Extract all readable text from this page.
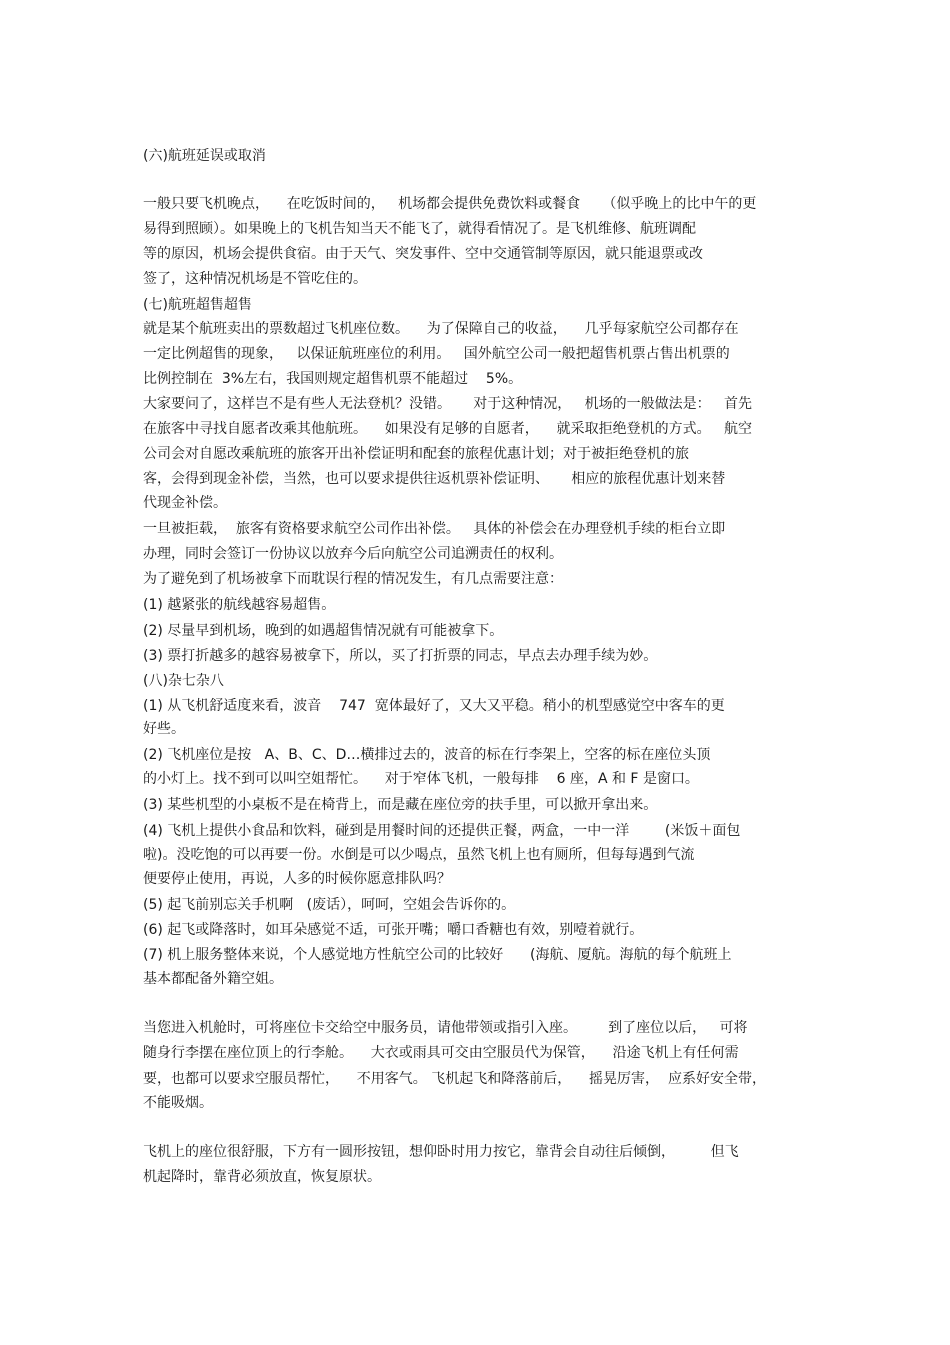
(六)航班延误或取消
一般只要飞机晚点，    在吃饭时间的，   机场都会提供免费饮料或餐食     （似乎晚上的比中午的更
易得到照顾）。如果晚上的飞机告知当天不能飞了，就得看情况了。是飞机维修、航班调配
等的原因，机场会提供食宿。由于天气、突发事件、空中交通管制等原因，就只能退票或改
签了，这种情况机场是不管吃住的。
(七)航班超售超售
就是某个航班卖出的票数超过飞机座位数。    为了保障自己的收益，    几乎每家航空公司都存在
一定比例超售的现象，   以保证航班座位的利用。   国外航空公司一般把超售机票占售出机票的
比例控制在  3%左右，我国则规定超售机票不能超过    5%。
大家要问了，这样岂不是有些人无法登机？没错。     对于这种情况，   机场的一般做法是：   首先
在旅客中寻找自愿者改乘其他航班。    如果没有足够的自愿者，    就采取拒绝登机的方式。   航空
公司会对自愿改乘航班的旅客开出补偿证明和配套的旅程优惠计划；对于被拒绝登机的旅
客，会得到现金补偿，当然，也可以要求提供往返机票补偿证明、     相应的旅程优惠计划来替
代现金补偿。
一旦被拒载，  旅客有资格要求航空公司作出补偿。   具体的补偿会在办理登机手续的柜台立即
办理，同时会签订一份协议以放弃今后向航空公司追溯责任的权利。
为了避免到了机场被拿下而耽误行程的情况发生，有几点需要注意：
(1) 越紧张的航线越容易超售。
(2) 尽量早到机场，晚到的如遇超售情况就有可能被拿下。
(3) 票打折越多的越容易被拿下，所以，买了打折票的同志，早点去办理手续为妙。
(八)杂七杂八
(1) 从飞机舒适度来看，波音    747  宽体最好了，又大又平稳。稍小的机型感觉空中客车的更
好些。
(2) 飞机座位是按   A、B、C、D…横排过去的，波音的标在行李架上，空客的标在座位头顶
的小灯上。找不到可以叫空姐帮忙。    对于窄体飞机，一般每排    6 座，A 和 F 是窗口。
(3) 某些机型的小桌板不是在椅背上，而是藏在座位旁的扶手里，可以掀开拿出来。
(4) 飞机上提供小食品和饮料，碰到是用餐时间的还提供正餐，两盒，一中一洋        (米饭＋面包
啦)。没吃饱的可以再要一份。水倒是可以少喝点，虽然飞机上也有厕所，但每每遇到气流
便要停止使用，再说，人多的时候你愿意排队吗？
(5) 起飞前别忘关手机啊   (废话），呵呵，空姐会告诉你的。
(6) 起飞或降落时，如耳朵感觉不适，可张开嘴；嚼口香糖也有效，别噎着就行。
(7) 机上服务整体来说，个人感觉地方性航空公司的比较好      (海航、厦航。海航的每个航班上
基本都配备外籍空姐。
当您进入机舱时，可将座位卡交给空中服务员，请他带领或指引入座。       到了座位以后，   可将
随身行李摆在座位顶上的行李舱。    大衣或雨具可交由空服员代为保管，    沿途飞机上有任何需
要，也都可以要求空服员帮忙，    不用客气。 飞机起飞和降落前后，    摇晃厉害，  应系好安全带，
不能吸烟。
飞机上的座位很舒服，下方有一圆形按钮，想仰卧时用力按它，靠背会自动往后倾倒，        但飞
机起降时，靠背必须放直，恢复原状。
